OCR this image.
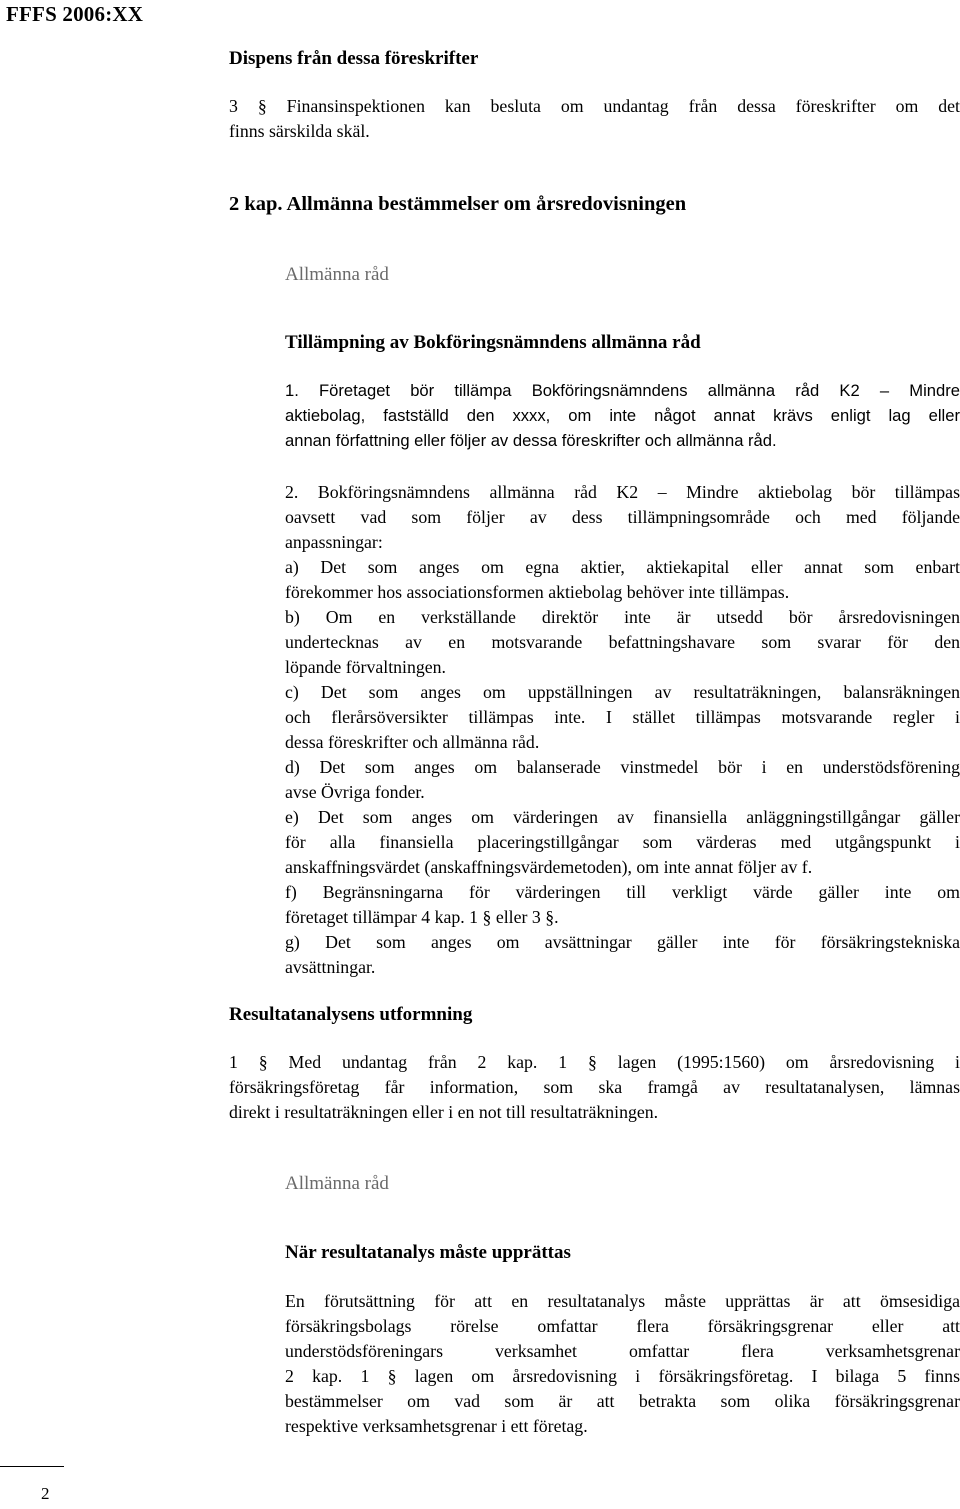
FFFS 2006:XX
Dispens från dessa föreskrifter
3 § Finansinspektionen kan besluta om undantag från dessa föreskrifter om det
finns särskilda skäl.
2 kap. Allmänna bestämmelser om årsredovisningen
Allmänna råd
Tillämpning av Bokföringsnämndens allmänna råd
1. Företaget bör tillämpa Bokföringsnämndens allmänna råd K2 – Mindre
aktiebolag, fastställd den xxxx, om inte något annat krävs enligt lag eller
annan författning eller följer av dessa föreskrifter och allmänna råd.
2. Bokföringsnämndens allmänna råd K2 – Mindre aktiebolag bör tillämpas
oavsett vad som följer av dess tillämpningsområde och med följande
anpassningar:
a) Det som anges om egna aktier, aktiekapital eller annat som enbart
förekommer hos associationsformen aktiebolag behöver inte tillämpas.
b) Om en verkställande direktör inte är utsedd bör årsredovisningen
undertecknas av en motsvarande befattningshavare som svarar för den
löpande förvaltningen.
c) Det som anges om uppställningen av resultaträkningen, balansräkningen
och flerårsöversikter tillämpas inte. I stället tillämpas motsvarande regler i
dessa föreskrifter och allmänna råd.
d) Det som anges om balanserade vinstmedel bör i en understödsförening
avse Övriga fonder.
e) Det som anges om värderingen av finansiella anläggningstillgångar gäller
för alla finansiella placeringstillgångar som värderas med utgångspunkt i
anskaffningsvärdet (anskaffningsvärdemetoden), om inte annat följer av f.
f) Begränsningarna för värderingen till verkligt värde gäller inte om
företaget tillämpar 4 kap. 1 § eller 3 §.
g) Det som anges om avsättningar gäller inte för försäkringstekniska
avsättningar.
Resultatanalysens utformning
1 § Med undantag från 2 kap. 1 § lagen (1995:1560) om årsredovisning i
försäkringsföretag får information, som ska framgå av resultatanalysen, lämnas
direkt i resultaträkningen eller i en not till resultaträkningen.
Allmänna råd
När resultatanalys måste upprättas
En förutsättning för att en resultatanalys måste upprättas är att ömsesidiga
försäkringsbolags rörelse omfattar flera försäkringsgrenar eller att
understödsföreningars verksamhet omfattar flera verksamhetsgrenar
2 kap. 1 § lagen om årsredovisning i försäkringsföretag. I bilaga 5 finns
bestämmelser om vad som är att betrakta som olika försäkringsgrenar
respektive verksamhetsgrenar i ett företag.
2
